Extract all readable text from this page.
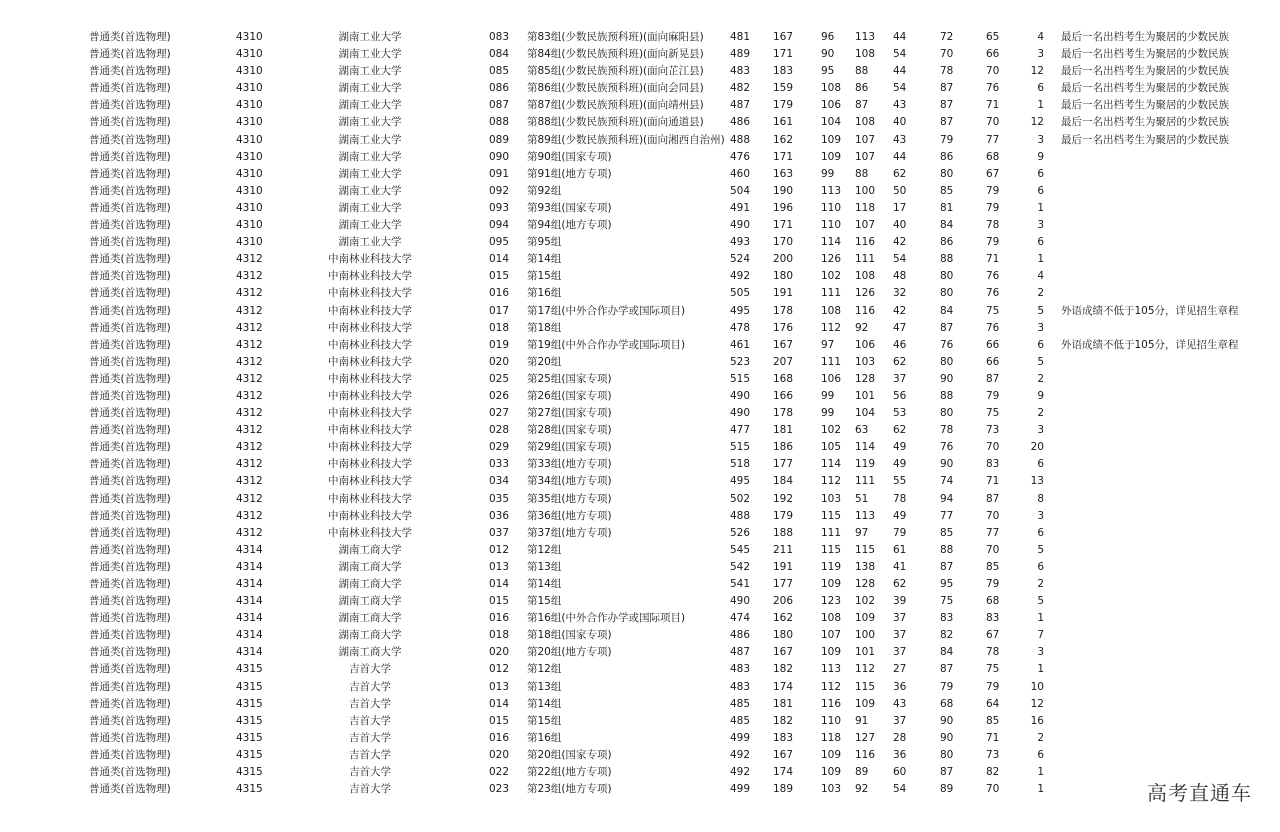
普通类(首选物理)	4310	湖南工业大学	083 第83组(少数民族预科班)(面向麻阳县)	481 167	96 113 44	72	65	4 最后一名出档考生为聚居的少数民族
普通类(首选物理)	4310	湖南工业大学	084 第84组(少数民族预科班)(面向新晃县)	489 171	90 108 54	70	66	3 最后一名出档考生为聚居的少数民族
普通类(首选物理)	4310	湖南工业大学	085 第85组(少数民族预科班)(面向芷江县)	483 183	95 88 44	78	70	12 最后一名出档考生为聚居的少数民族
普通类(首选物理)	4310	湖南工业大学	086 第86组(少数民族预科班)(面向会同县)	482 159	108 86 54	87	76	6 最后一名出档考生为聚居的少数民族
普通类(首选物理)	4310	湖南工业大学	087 第87组(少数民族预科班)(面向靖州县)	487 179	106 87 43	87	71	1 最后一名出档考生为聚居的少数民族
普通类(首选物理)	4310	湖南工业大学	088 第88组(少数民族预科班)(面向通道县)	486 161	104 108 40	87	70	12 最后一名出档考生为聚居的少数民族
普通类(首选物理)	4310	湖南工业大学	089 第89组(少数民族预科班)(面向湘西自治州) 488 162	109 107 43	79	77	3 最后一名出档考生为聚居的少数民族
普通类(首选物理)	4310	湖南工业大学	090 第90组(国家专项)	476 171	109 107 44	86	68	9
普通类(首选物理)	4310	湖南工业大学	091 第91组(地方专项)	460 163	99 88 62	80	67	6
普通类(首选物理)	4310	湖南工业大学	092 第92组	504 190	113 100 50	85	79	6
普通类(首选物理)	4310	湖南工业大学	093 第93组(国家专项)	491 196	110 118 17	81	79	1
普通类(首选物理)	4310	湖南工业大学	094 第94组(地方专项)	490 171	110 107 40	84	78	3
普通类(首选物理)	4310	湖南工业大学	095 第95组	493 170	114 116 42	86	79	6
普通类(首选物理)	4312	中南林业科技大学	014 第14组	524 200	126 111 54	88	71	1
普通类(首选物理)	4312	中南林业科技大学	015 第15组	492 180	102 108 48	80	76	4
普通类(首选物理)	4312	中南林业科技大学	016 第16组	505 191	111 126 32	80	76	2
普通类(首选物理)	4312	中南林业科技大学	017 第17组(中外合作办学或国际项目)	495 178	108 116 42	84	75	5 外语成绩不低于105分，详见招生章程
普通类(首选物理)	4312	中南林业科技大学	018 第18组	478 176	112 92 47	87	76	3
普通类(首选物理)	4312	中南林业科技大学	019 第19组(中外合作办学或国际项目)	461 167	97 106 46	76	66	6 外语成绩不低于105分，详见招生章程
普通类(首选物理)	4312	中南林业科技大学	020 第20组	523 207	111 103 62	80	66	5
普通类(首选物理)	4312	中南林业科技大学	025 第25组(国家专项)	515 168	106 128 37	90	87	2
普通类(首选物理)	4312	中南林业科技大学	026 第26组(国家专项)	490 166	99 101 56	88	79	9
普通类(首选物理)	4312	中南林业科技大学	027 第27组(国家专项)	490 178	99 104 53	80	75	2
普通类(首选物理)	4312	中南林业科技大学	028 第28组(国家专项)	477 181	102 63 62	78	73	3
普通类(首选物理)	4312	中南林业科技大学	029 第29组(国家专项)	515 186	105 114 49	76	70	20
普通类(首选物理)	4312	中南林业科技大学	033 第33组(地方专项)	518 177	114 119 49	90	83	6
普通类(首选物理)	4312	中南林业科技大学	034 第34组(地方专项)	495 184	112 111 55	74	71	13
普通类(首选物理)	4312	中南林业科技大学	035 第35组(地方专项)	502 192	103 51 78	94	87	8
普通类(首选物理)	4312	中南林业科技大学	036 第36组(地方专项)	488 179	115 113 49	77	70	3
普通类(首选物理)	4312	中南林业科技大学	037 第37组(地方专项)	526 188	111 97 79	85	77	6
普通类(首选物理)	4314	湖南工商大学	012 第12组	545 211	115 115 61	88	70	5
普通类(首选物理)	4314	湖南工商大学	013 第13组	542 191	119 138 41	87	85	6
普通类(首选物理)	4314	湖南工商大学	014 第14组	541 177	109 128 62	95	79	2
普通类(首选物理)	4314	湖南工商大学	015 第15组	490 206	123 102 39	75	68	5
普通类(首选物理)	4314	湖南工商大学	016 第16组(中外合作办学或国际项目)	474 162	108 109 37	83	83	1
普通类(首选物理)	4314	湖南工商大学	018 第18组(国家专项)	486 180	107 100 37	82	67	7
普通类(首选物理)	4314	湖南工商大学	020 第20组(地方专项)	487 167	109 101 37	84	78	3
普通类(首选物理)	4315	吉首大学	012 第12组	483 182	113 112 27	87	75	1
普通类(首选物理)	4315	吉首大学	013 第13组	483 174	112 115 36	79	79	10
普通类(首选物理)	4315	吉首大学	014 第14组	485 181	116 109 43	68	64	12
普通类(首选物理)	4315	吉首大学	015 第15组	485 182	110 91 37	90	85	16
普通类(首选物理)	4315	吉首大学	016 第16组	499 183	118 127 28	90	71	2
普通类(首选物理)	4315	吉首大学	020 第20组(国家专项)	492 167	109 116 36	80	73	6
普通类(首选物理)	4315	吉首大学	022 第22组(地方专项)	492 174	109 89 60	87	82	1
普通类(首选物理)	4315	吉首大学	023 第23组(地方专项)	499 189	103 92 54	89	70	1	高考直通车
